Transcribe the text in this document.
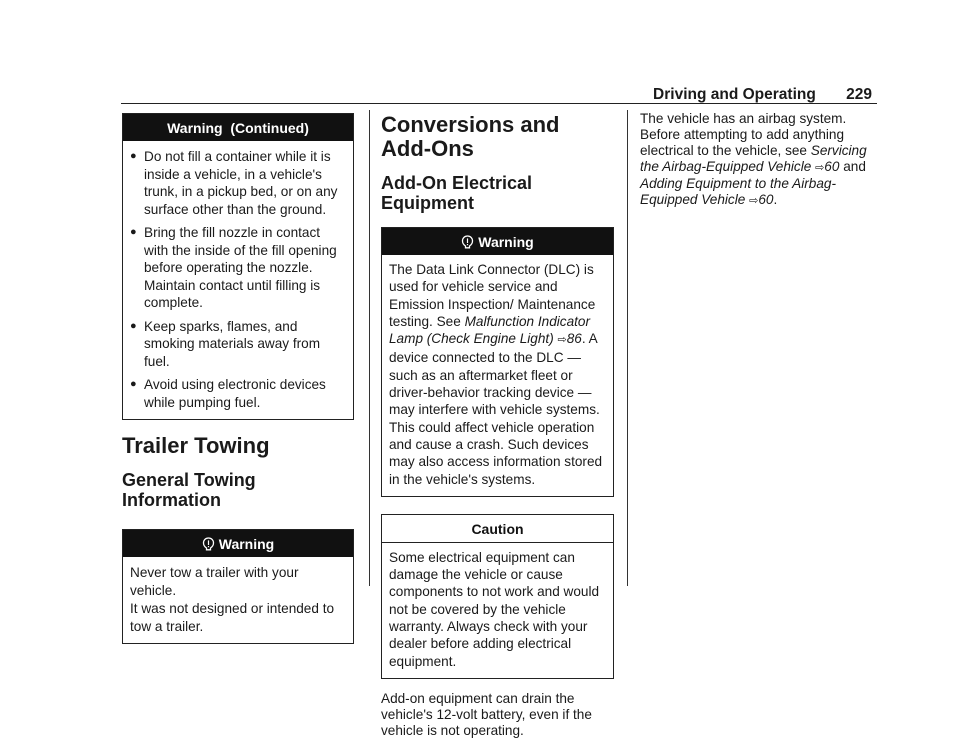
Driving and Operating 229
Warning  (Continued)
● Do not fill a container while it is inside a vehicle, in a vehicle's trunk, in a pickup bed, or on any surface other than the ground.
● Bring the fill nozzle in contact with the inside of the fill opening before operating the nozzle. Maintain contact until filling is complete.
● Keep sparks, flames, and smoking materials away from fuel.
● Avoid using electronic devices while pumping fuel.
Trailer Towing
General Towing Information
Warning
Never tow a trailer with your vehicle.
It was not designed or intended to tow a trailer.
Conversions and Add-Ons
Add-On Electrical Equipment
Warning
The Data Link Connector (DLC) is used for vehicle service and Emission Inspection/ Maintenance testing. See Malfunction Indicator Lamp (Check Engine Light) ⇨86. A device connected to the DLC — such as an aftermarket fleet or driver-behavior tracking device — may interfere with vehicle systems. This could affect vehicle operation and cause a crash. Such devices may also access information stored in the vehicle's systems.
Caution
Some electrical equipment can damage the vehicle or cause components to not work and would not be covered by the vehicle warranty. Always check with your dealer before adding electrical equipment.
Add-on equipment can drain the vehicle's 12-volt battery, even if the vehicle is not operating.
The vehicle has an airbag system. Before attempting to add anything electrical to the vehicle, see Servicing the Airbag-Equipped Vehicle ⇨60 and
Adding Equipment to the Airbag-Equipped Vehicle ⇨60.
